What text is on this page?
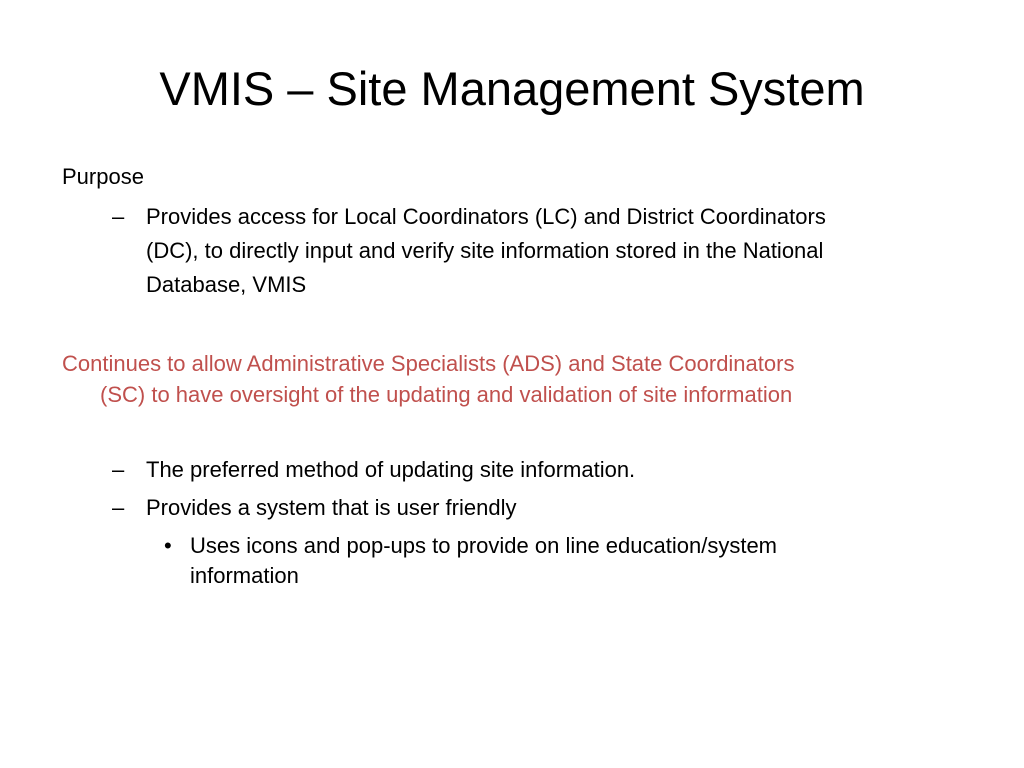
VMIS – Site Management System
Purpose
– Provides access for Local Coordinators (LC) and District Coordinators
(DC), to directly input and verify site information stored in the National
Database, VMIS
Continues to allow Administrative Specialists (ADS) and State Coordinators
(SC) to have oversight of the updating and validation of site information
– The preferred method of updating site information.
– Provides a system that is user friendly
• Uses icons and pop-ups to provide on line education/system
information
